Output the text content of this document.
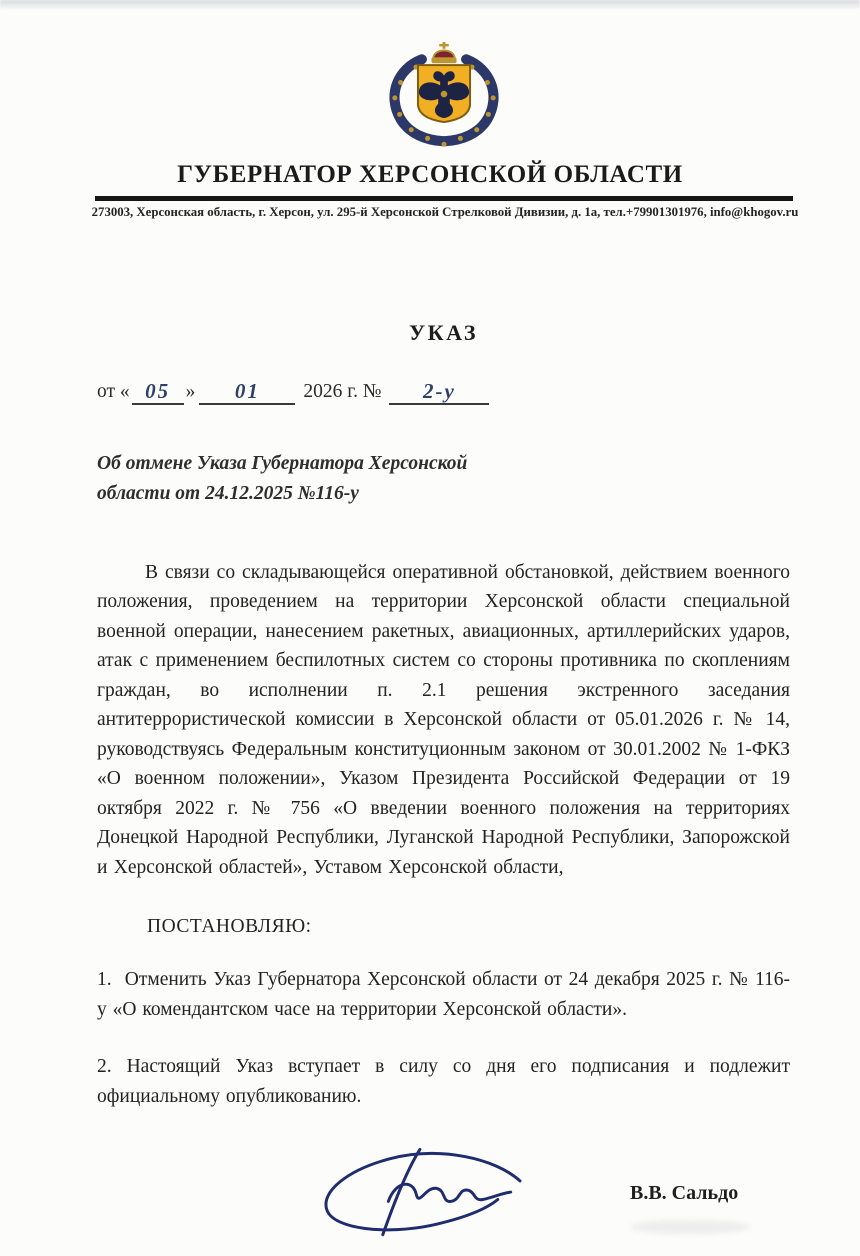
ГУБЕРНАТОР ХЕРСОНСКОЙ ОБЛАСТИ
273003, Херсонская область, г. Херсон, ул. 295-й Херсонской Стрелковой Дивизии, д. 1а, тел.+79901301976, info@khogov.ru
УКАЗ
от « 05 »	01	2026 г. №	2-у
Об отмене Указа Губернатора Херсонской области от 24.12.2025 №116-у
В связи со складывающейся оперативной обстановкой, действием военного положения, проведением на территории Херсонской области специальной военной операции, нанесением ракетных, авиационных, артиллерийских ударов, атак с применением беспилотных систем со стороны противника по скоплениям граждан, во исполнении п. 2.1 решения экстренного заседания антитеррористической комиссии в Херсонской области от 05.01.2026 г. № 14, руководствуясь Федеральным конституционным законом от 30.01.2002 № 1-ФКЗ «О военном положении», Указом Президента Российской Федерации от 19 октября 2022 г. № 756 «О введении военного положения на территориях Донецкой Народной Республики, Луганской Народной Республики, Запорожской и Херсонской областей», Уставом Херсонской области,
ПОСТАНОВЛЯЮ:
1.  Отменить Указ Губернатора Херсонской области от 24 декабря 2025 г. № 116-у «О комендантском часе на территории Херсонской области».
2. Настоящий Указ вступает в силу со дня его подписания и подлежит официальному опубликованию.
В.В. Сальдо
